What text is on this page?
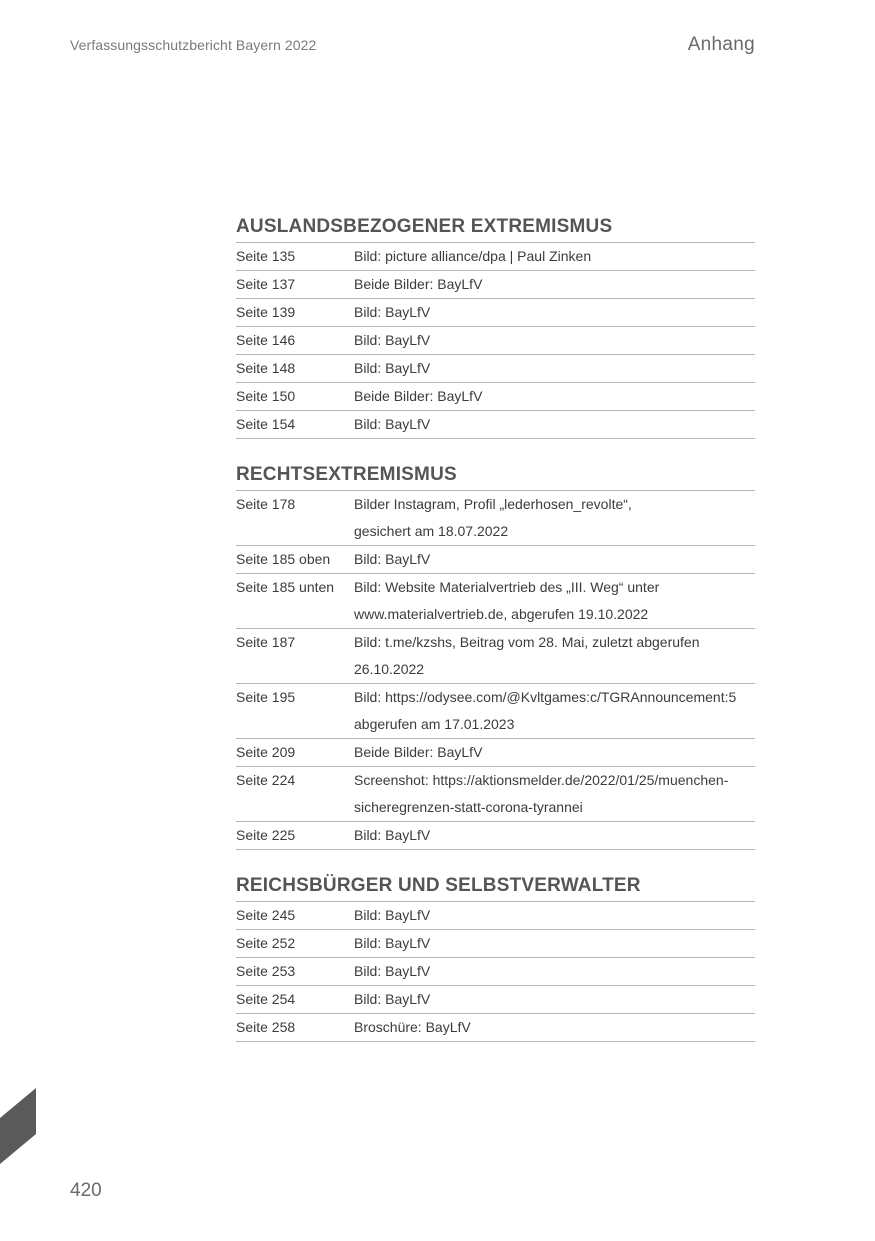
Verfassungsschutzbericht Bayern 2022	Anhang
AUSLANDSBEZOGENER EXTREMISMUS
Seite 135	Bild: picture alliance/dpa | Paul Zinken
Seite 137	Beide Bilder: BayLfV
Seite 139	Bild: BayLfV
Seite 146	Bild: BayLfV
Seite 148	Bild: BayLfV
Seite 150	Beide Bilder: BayLfV
Seite 154	Bild: BayLfV
RECHTSEXTREMISMUS
Seite 178	Bilder Instagram, Profil „lederhosen_revolte“,
gesichert am 18.07.2022
Seite 185 oben	Bild: BayLfV
Seite 185 unten	Bild: Website Materialvertrieb des „III. Weg“ unter
www.materialvertrieb.de, abgerufen 19.10.2022
Seite 187	Bild: t.me/kzshs, Beitrag vom 28. Mai, zuletzt abgerufen
26.10.2022
Seite 195	Bild: https://odysee.com/@Kvltgames:c/TGRAnnouncement:5
abgerufen am 17.01.2023
Seite 209	Beide Bilder: BayLfV
Seite 224	Screenshot: https://aktionsmelder.de/2022/01/25/muenchen-
sicheregrenzen-statt-corona-tyrannei
Seite 225	Bild: BayLfV
REICHSBÜRGER UND SELBSTVERWALTER
Seite 245	Bild: BayLfV
Seite 252	Bild: BayLfV
Seite 253	Bild: BayLfV
Seite 254	Bild: BayLfV
Seite 258	Broschüre: BayLfV
420
